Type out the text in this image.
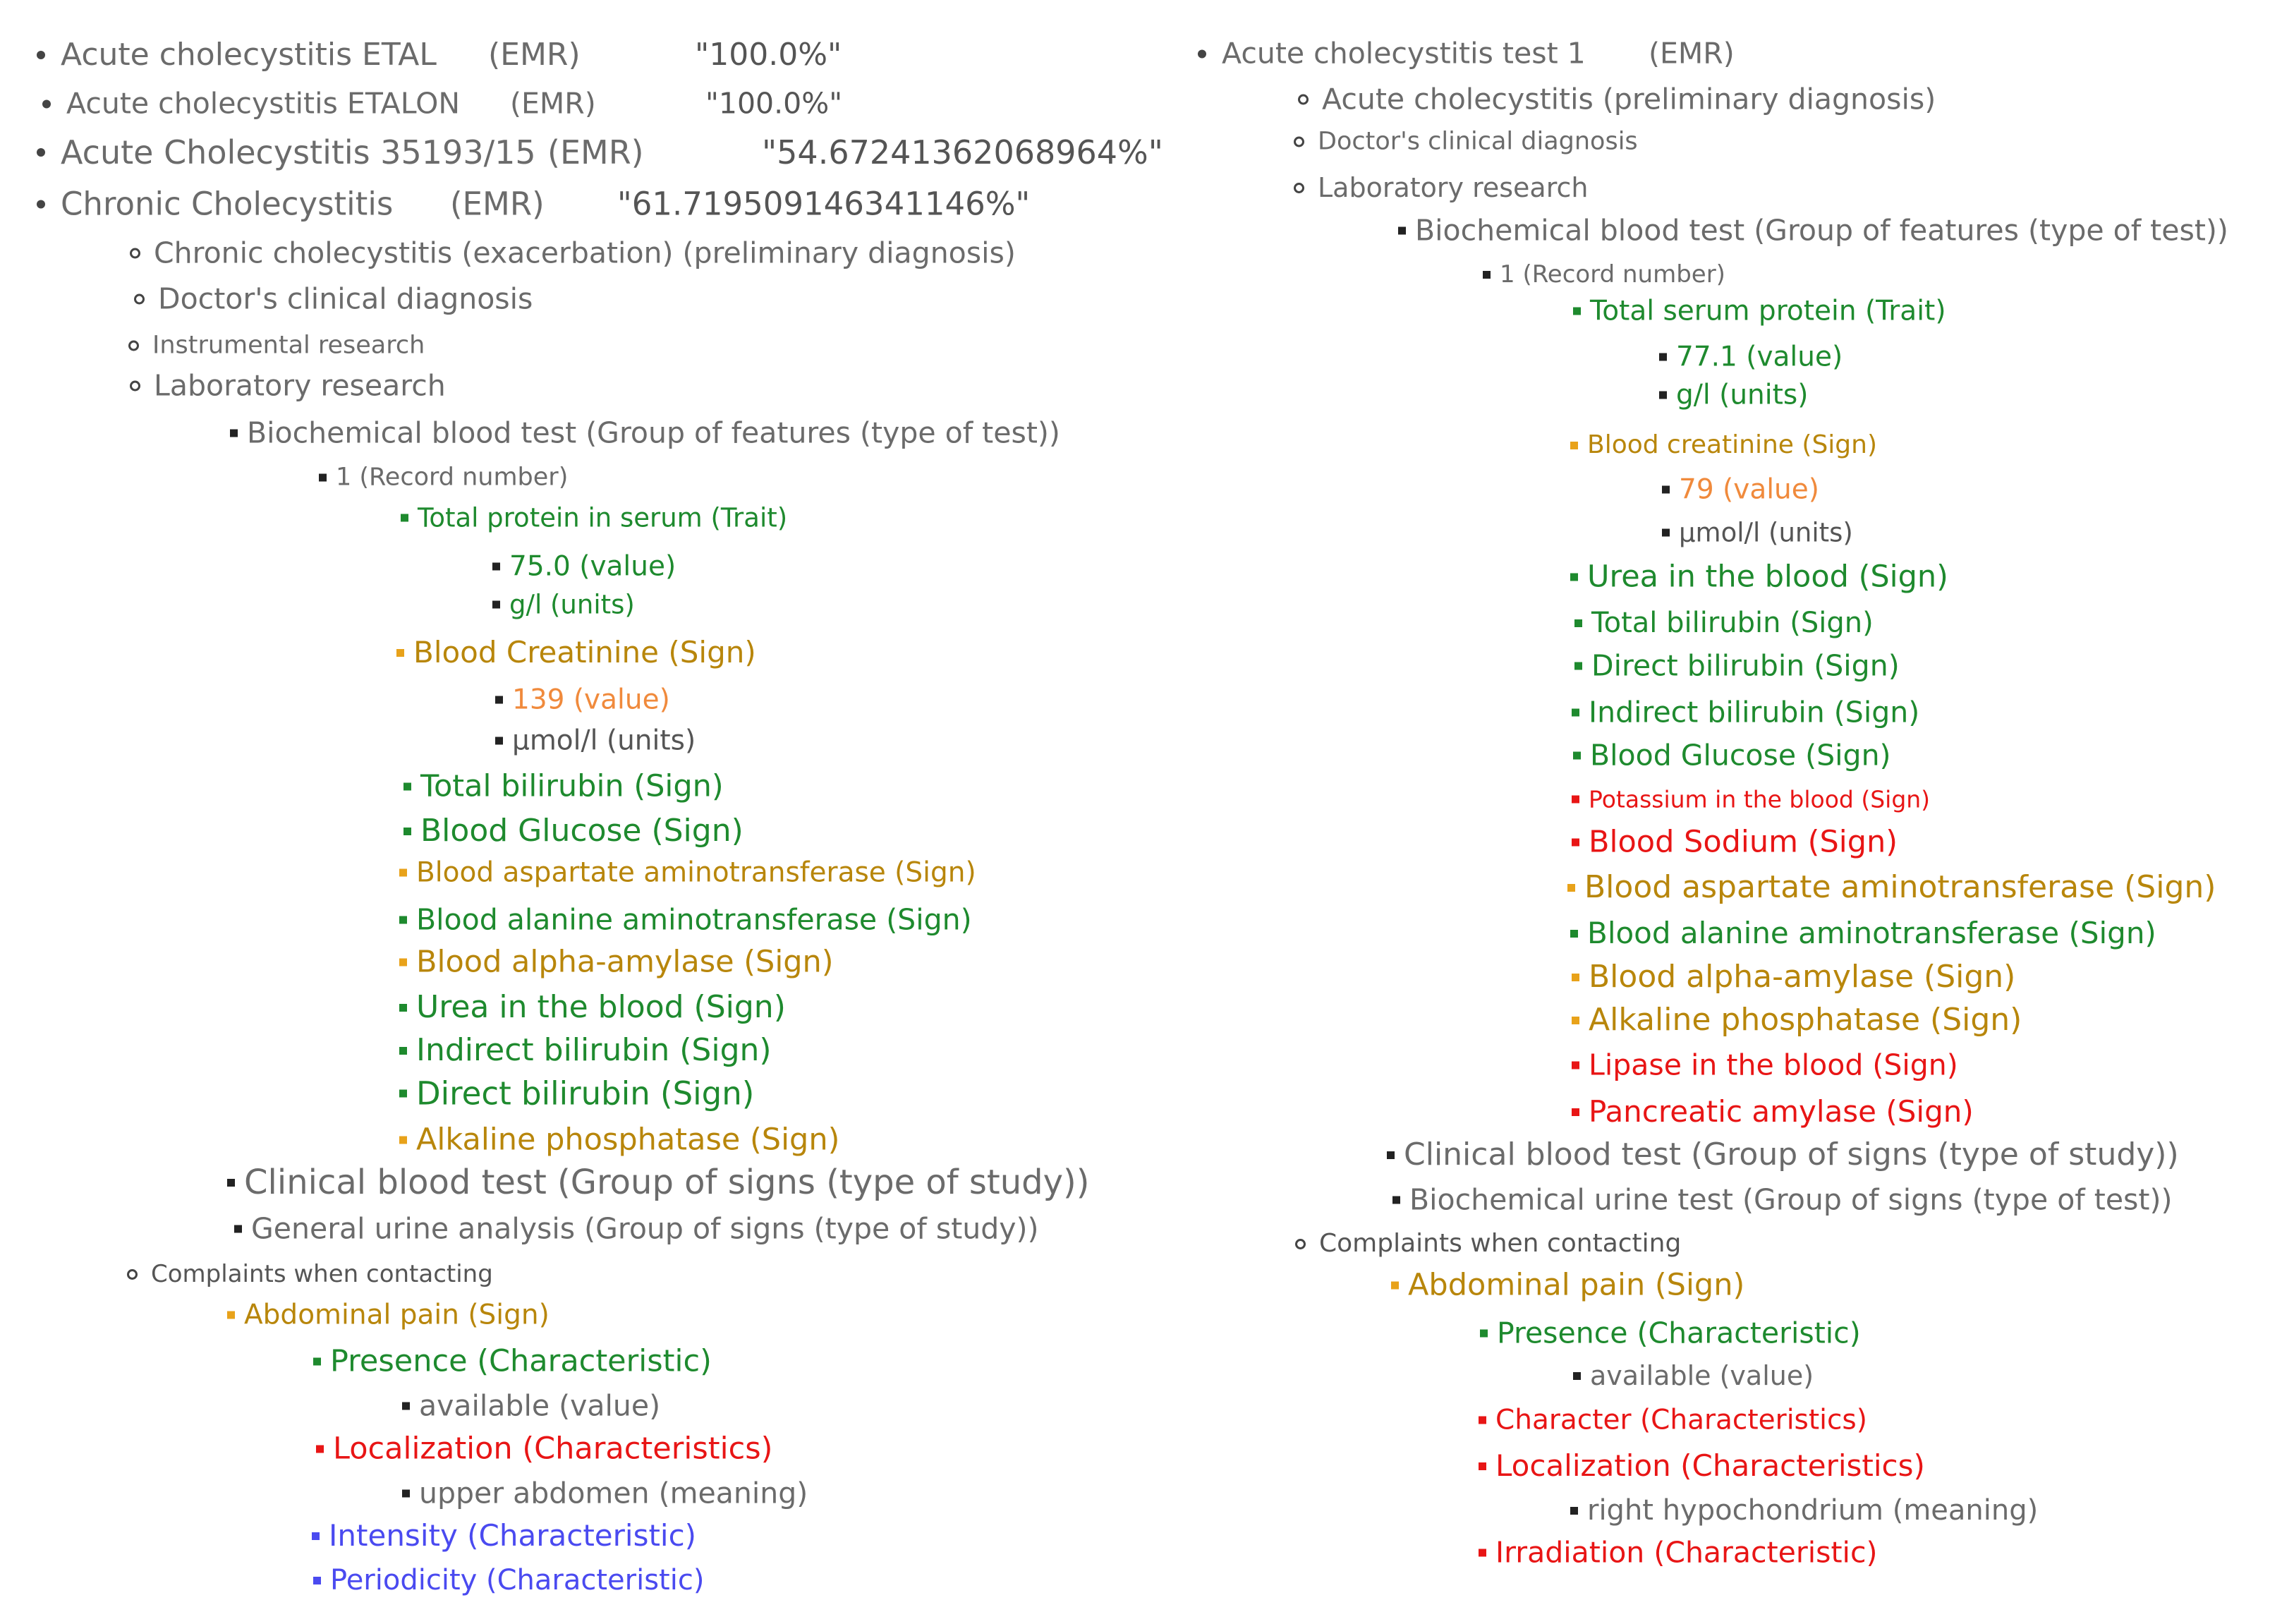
Acute cholecystitis ETAL (EMR)	"100.0%"
Acute cholecystitis ETALON (EMR)	"100.0%"
Acute Cholecystitis 35193/15 (EMR)	"54.67241362068964%"
Chronic Cholecystitis (EMR) "61.719509146341146%"
Chronic cholecystitis (exacerbation) (preliminary diagnosis)
Doctor's clinical diagnosis
Instrumental research
Laboratory research
Biochemical blood test (Group of features (type of test))
1 (Record number)
Total protein in serum (Trait)
75.0 (value)
g/l (units)
Blood Creatinine (Sign)
139 (value)
µmol/l (units)
Total bilirubin (Sign)
Blood Glucose (Sign)
Blood aspartate aminotransferase (Sign)
Blood alanine aminotransferase (Sign)
Blood alpha-amylase (Sign)
Urea in the blood (Sign)
Indirect bilirubin (Sign)
Direct bilirubin (Sign)
Alkaline phosphatase (Sign)
Clinical blood test (Group of signs (type of study))
General urine analysis (Group of signs (type of study))
Complaints when contacting
Abdominal pain (Sign)
Presence (Characteristic)
available (value)
Localization (Characteristics)
upper abdomen (meaning)
Intensity (Characteristic)
Periodicity (Characteristic)
Acute cholecystitis test 1 (EMR)
Acute cholecystitis (preliminary diagnosis)
Doctor's clinical diagnosis
Laboratory research
Biochemical blood test (Group of features (type of test))
1 (Record number)
Total serum protein (Trait)
77.1 (value)
g/l (units)
Blood creatinine (Sign)
79 (value)
µmol/l (units)
Urea in the blood (Sign)
Total bilirubin (Sign)
Direct bilirubin (Sign)
Indirect bilirubin (Sign)
Blood Glucose (Sign)
Potassium in the blood (Sign)
Blood Sodium (Sign)
Blood aspartate aminotransferase (Sign)
Blood alanine aminotransferase (Sign)
Blood alpha-amylase (Sign)
Alkaline phosphatase (Sign)
Lipase in the blood (Sign)
Pancreatic amylase (Sign)
Clinical blood test (Group of signs (type of study))
Biochemical urine test (Group of signs (type of test))
Complaints when contacting
Abdominal pain (Sign)
Presence (Characteristic)
available (value)
Character (Characteristics)
Localization (Characteristics)
right hypochondrium (meaning)
Irradiation (Characteristic)
